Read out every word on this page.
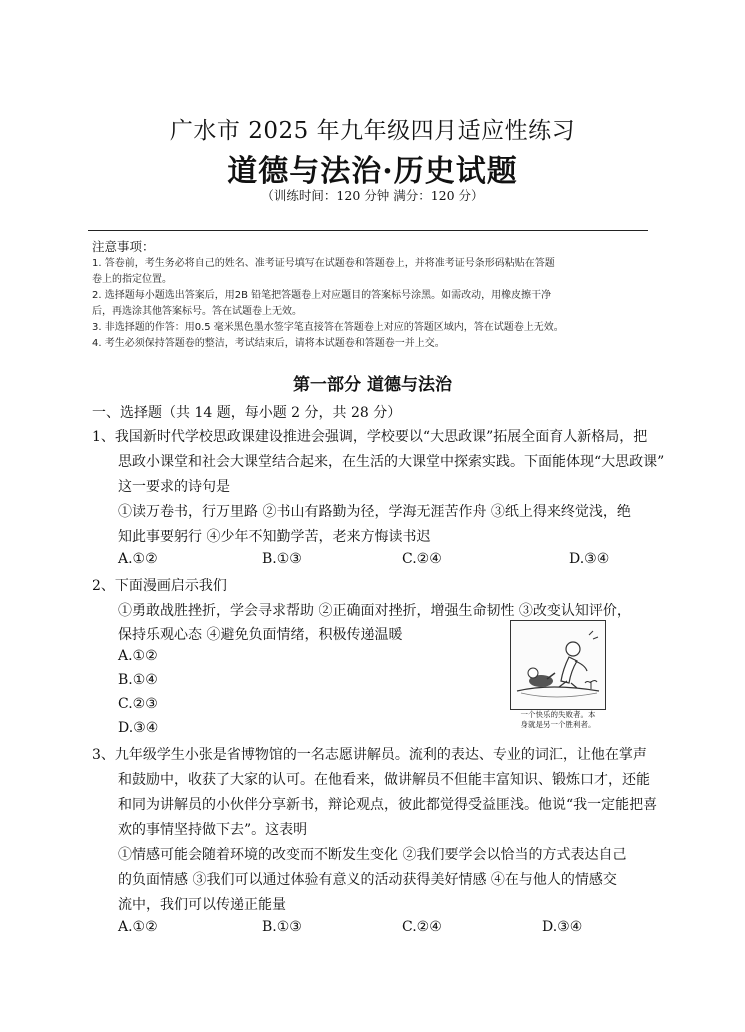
广水市 2025 年九年级四月适应性练习
道德与法治·历史试题
（训练时间：120 分钟 满分：120 分）
注意事项：
1. 答卷前，考生务必将自己的姓名、准考证号填写在试题卷和答题卷上，并将准考证号条形码粘贴在答题
卷上的指定位置。
2. 选择题每小题选出答案后，用2B 铅笔把答题卷上对应题目的答案标号涂黑。如需改动，用橡皮擦干净
后，再选涂其他答案标号。答在试题卷上无效。
3. 非选择题的作答：用0.5 毫米黑色墨水签字笔直接答在答题卷上对应的答题区域内，答在试题卷上无效。
4. 考生必须保持答题卷的整洁，考试结束后，请将本试题卷和答题卷一并上交。
第一部分 道德与法治
一、选择题（共 14 题，每小题 2 分，共 28 分）
1、我国新时代学校思政课建设推进会强调，学校要以“大思政课”拓展全面育人新格局，把
思政小课堂和社会大课堂结合起来，在生活的大课堂中探索实践。下面能体现“大思政课”
这一要求的诗句是
①读万卷书，行万里路 ②书山有路勤为径，学海无涯苦作舟 ③纸上得来终觉浅，绝
知此事要躬行 ④少年不知勤学苦，老来方悔读书迟
A.①②	B.①③	C.②④	D.③④
2、下面漫画启示我们
①勇敢战胜挫折，学会寻求帮助 ②正确面对挫折，增强生命韧性 ③改变认知评价，
保持乐观心态 ④避免负面情绪，积极传递温暖
A.①②
B.①④
C.②③
D.③④
一个快乐的失败者。本
身就是另一个胜利者。
3、九年级学生小张是省博物馆的一名志愿讲解员。流利的表达、专业的词汇，让他在掌声
和鼓励中，收获了大家的认可。在他看来，做讲解员不但能丰富知识、锻炼口才，还能
和同为讲解员的小伙伴分享新书，辩论观点，彼此都觉得受益匪浅。他说“我一定能把喜
欢的事情坚持做下去”。这表明
①情感可能会随着环境的改变而不断发生变化 ②我们要学会以恰当的方式表达自己
的负面情感 ③我们可以通过体验有意义的活动获得美好情感 ④在与他人的情感交
流中，我们可以传递正能量
A.①②	B.①③	C.②④	D.③④
